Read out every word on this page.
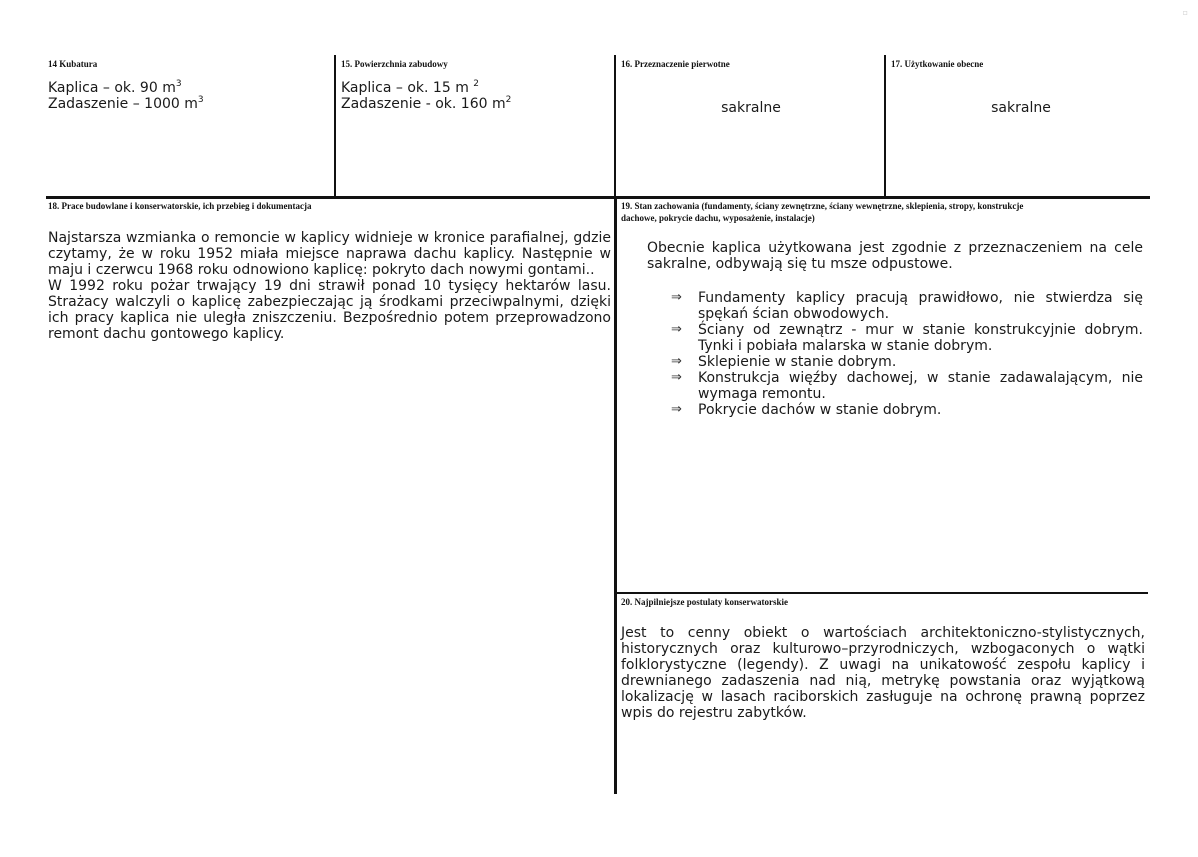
▫
14 Kubatura
Kaplica – ok. 90 $m^3$
Zadaszenie – 1000 $m^3$
15. Powierzchnia zabudowy
Kaplica – ok. 15 m $^2$
Zadaszenie - ok. 160 $m^2$
16. Przeznaczenie pierwotne
sakralne
17. Użytkowanie obecne
sakralne
18. Prace budowlane i konserwatorskie, ich przebieg i dokumentacja
Najstarsza wzmianka o remoncie w kaplicy widnieje w kronice parafialnej, gdzie czytamy, że w roku 1952 miała miejsce naprawa dachu kaplicy. Następnie w maju i czerwcu 1968 roku odnowiono kaplicę: pokryto dach nowymi gontami..
W 1992 roku pożar trwający 19 dni strawił ponad 10 tysięcy hektarów lasu. Strażacy walczyli o kaplicę zabezpieczając ją środkami przeciwpalnymi, dzięki ich pracy kaplica nie uległa zniszczeniu. Bezpośrednio potem przeprowadzono remont dachu gontowego kaplicy.
19. Stan zachowania (fundamenty, ściany zewnętrzne, ściany wewnętrzne, sklepienia, stropy, konstrukcje
dachowe, pokrycie dachu, wyposażenie, instalacje)
Obecnie kaplica użytkowana jest zgodnie z przeznaczeniem na cele sakralne, odbywają się tu msze odpustowe.
⇒ Fundamenty kaplicy pracują prawidłowo, nie stwierdza się spękań ścian obwodowych.
⇒ Ściany od zewnątrz - mur w stanie konstrukcyjnie dobrym. Tynki i pobiała malarska w stanie dobrym.
⇒ Sklepienie w stanie dobrym.
⇒ Konstrukcja więźby dachowej, w stanie zadawalającym, nie wymaga remontu.
⇒ Pokrycie dachów w stanie dobrym.
20. Najpilniejsze postulaty konserwatorskie
Jest to cenny obiekt o wartościach architektoniczno-stylistycznych, historycznych oraz kulturowo–przyrodniczych, wzbogaconych o wątki folklorystyczne (legendy). Z uwagi na unikatowość zespołu kaplicy i drewnianego zadaszenia nad nią, metrykę powstania oraz wyjątkową lokalizację w lasach raciborskich zasługuje na ochronę prawną poprzez wpis do rejestru zabytków.
